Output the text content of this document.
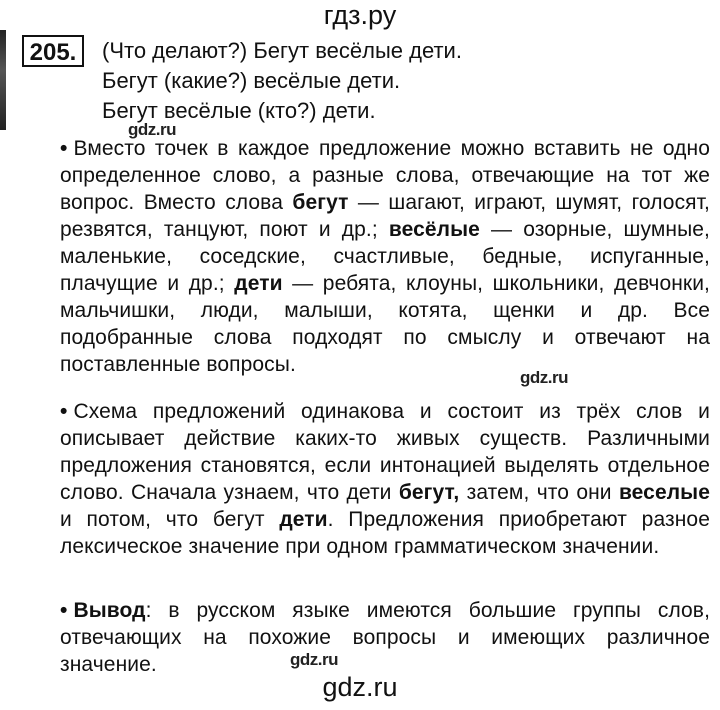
гдз.ру
205.	(Что делают?) Бегут весёлые дети.
Бегут (какие?) весёлые дети.
Бегут весёлые (кто?) дети.
gdz.ru

• Вместо точек в каждое предложение можно вставить не одно определенное слово, а разные слова, отвечающие на тот же вопрос. Вместо слова бегут — шагают, играют, шумят, голосят, резвятся, танцуют, поют и др.; весёлые — озорные, шумные, маленькие, соседские, счастливые, бедные, испуганные, плачущие и др.; дети — ребята, клоуны, школьники, девчонки, мальчишки, люди, малыши, котята, щенки и др. Все подобранные слова подходят по смыслу и отвечают на поставленные вопросы.

gdz.ru

• Схема предложений одинакова и состоит из трёх слов и описывает действие каких-то живых существ. Различными предложения становятся, если интонацией выделять отдельное слово. Сначала узнаем, что дети бегут, затем, что они веселые и потом, что бегут дети. Предложения приобретают разное лексическое значение при одном грамматическом значении.

• Вывод: в русском языке имеются большие группы слов, отвечающих на похожие вопросы и имеющих различное значение.	gdz.ru
gdz.ru
